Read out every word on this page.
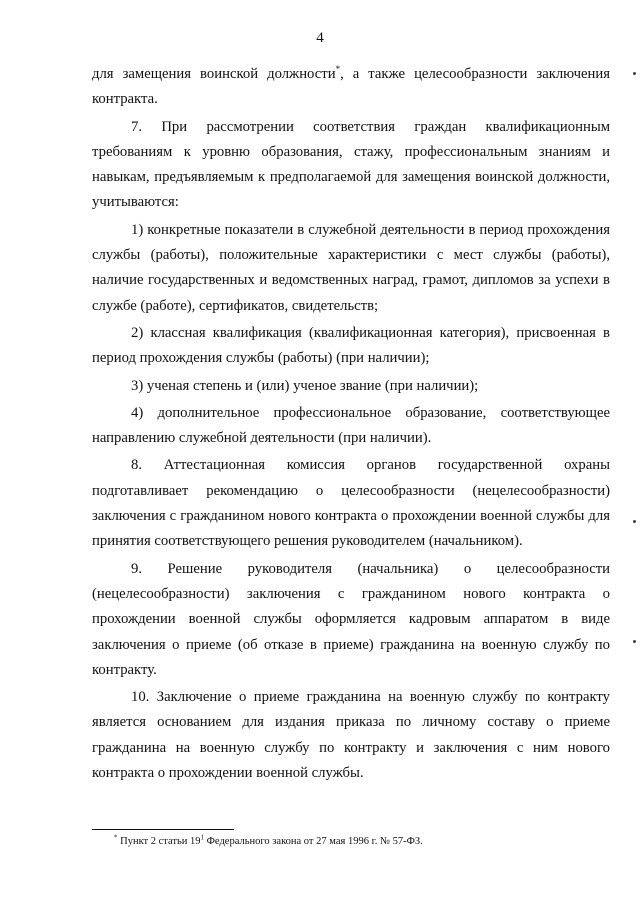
4

для замещения воинской должности*, а также целесообразности заключения контракта.

7. При рассмотрении соответствия граждан квалификационным требованиям к уровню образования, стажу, профессиональным знаниям и навыкам, предъявляемым к предполагаемой для замещения воинской должности, учитываются:

1) конкретные показатели в служебной деятельности в период прохождения службы (работы), положительные характеристики с мест службы (работы), наличие государственных и ведомственных наград, грамот, дипломов за успехи в службе (работе), сертификатов, свидетельств;

2) классная квалификация (квалификационная категория), присвоенная в период прохождения службы (работы) (при наличии);

3) ученая степень и (или) ученое звание (при наличии);

4) дополнительное профессиональное образование, соответствующее направлению служебной деятельности (при наличии).

8. Аттестационная комиссия органов государственной охраны подготавливает рекомендацию о целесообразности (нецелесообразности) заключения с гражданином нового контракта о прохождении военной службы для принятия соответствующего решения руководителем (начальником).

9. Решение руководителя (начальника) о целесообразности (нецелесообразности) заключения с гражданином нового контракта о прохождении военной службы оформляется кадровым аппаратом в виде заключения о приеме (об отказе в приеме) гражданина на военную службу по контракту.

10. Заключение о приеме гражданина на военную службу по контракту является основанием для издания приказа по личному составу о приеме гражданина на военную службу по контракту и заключения с ним нового контракта о прохождении военной службы.

* Пункт 2 статьи $19^1$ Федерального закона от 27 мая 1996 г. № 57-ФЗ.
